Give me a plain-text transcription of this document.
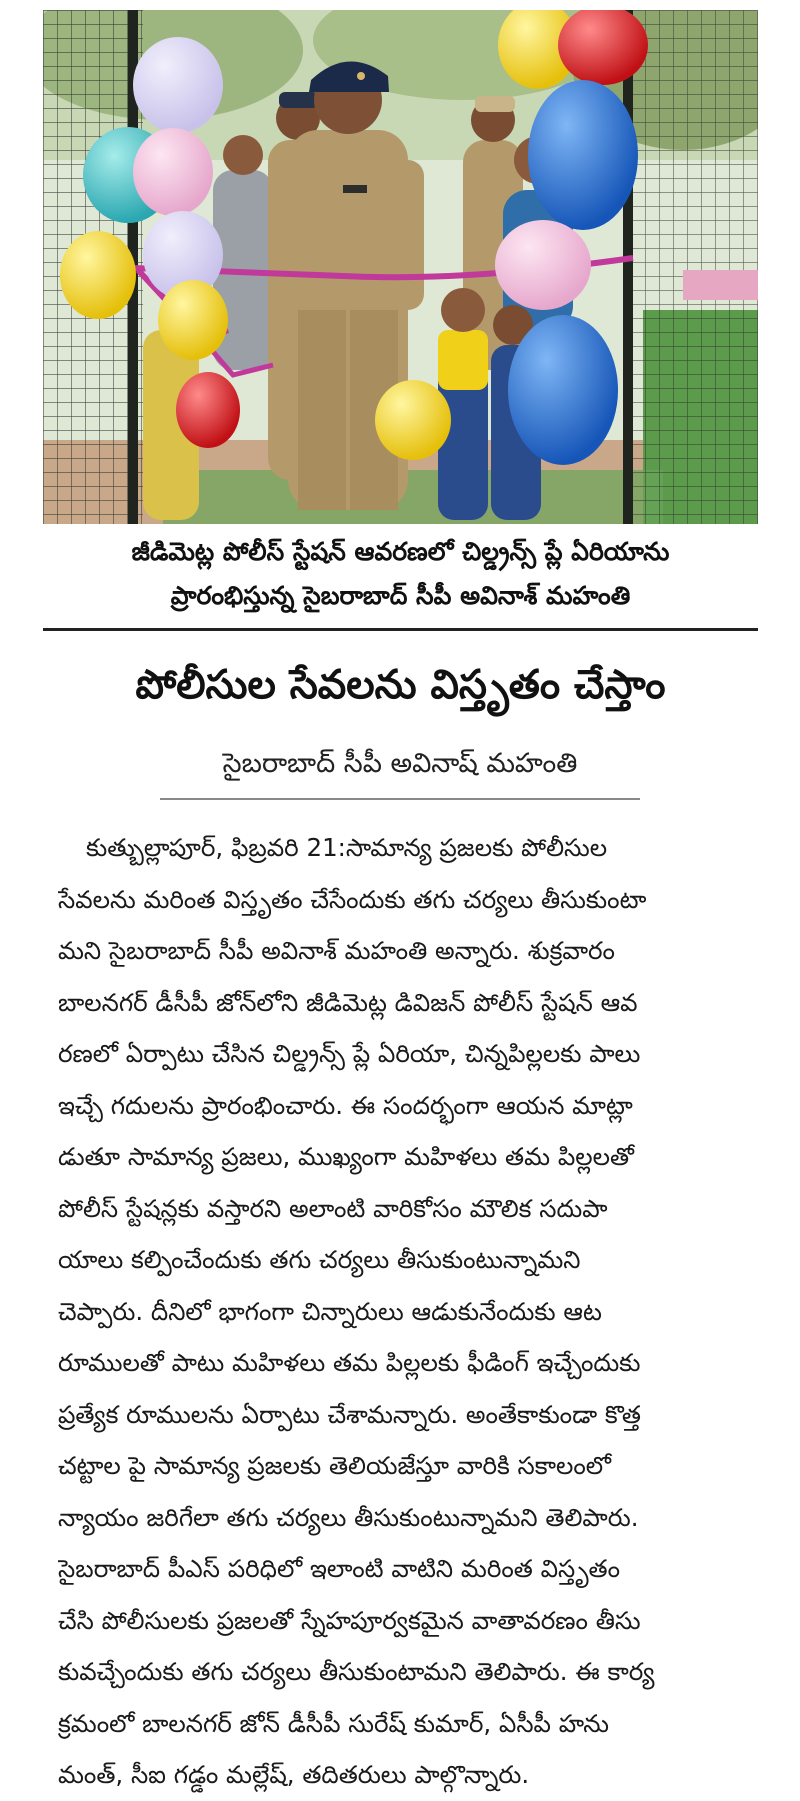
జీడిమెట్ల పోలీస్ స్టేషన్ ఆవరణలో చిల్డ్రన్స్ ప్లే ఏరియాను
ప్రారంభిస్తున్న సైబరాబాద్ సీపీ అవినాశ్ మహంతి
పోలీసుల సేవలను విస్తృతం చేస్తాం
సైబరాబాద్ సీపీ అవినాష్ మహంతి
కుత్బుల్లాపూర్, ఫిబ్రవరి 21:సామాన్య ప్రజలకు పోలీసుల
సేవలను మరింత విస్తృతం చేసేందుకు తగు చర్యలు తీసుకుంటా
మని సైబరాబాద్ సీపీ అవినాశ్ మహంతి అన్నారు. శుక్రవారం
బాలనగర్ డీసీపీ జోన్‌లోని జీడిమెట్ల డివిజన్ పోలీస్ స్టేషన్ ఆవ
రణలో ఏర్పాటు చేసిన చిల్డ్రన్స్ ప్లే ఏరియా, చిన్నపిల్లలకు పాలు
ఇచ్చే గదులను ప్రారంభించారు. ఈ సందర్భంగా ఆయన మాట్లా
డుతూ సామాన్య ప్రజలు, ముఖ్యంగా మహిళలు తమ పిల్లలతో
పోలీస్ స్టేషన్లకు వస్తారని అలాంటి వారికోసం మౌలిక సదుపా
యాలు కల్పించేందుకు తగు చర్యలు తీసుకుంటున్నామని
చెప్పారు. దీనిలో భాగంగా చిన్నారులు ఆడుకునేందుకు ఆట
రూములతో పాటు మహిళలు తమ పిల్లలకు ఫీడింగ్ ఇచ్చేందుకు
ప్రత్యేక రూములను ఏర్పాటు చేశామన్నారు. అంతేకాకుండా కొత్త
చట్టాల పై సామాన్య ప్రజలకు తెలియజేస్తూ వారికి సకాలంలో
న్యాయం జరిగేలా తగు చర్యలు తీసుకుంటున్నామని తెలిపారు.
సైబరాబాద్ పీఎస్ పరిధిలో ఇలాంటి వాటిని మరింత విస్తృతం
చేసి పోలీసులకు ప్రజలతో స్నేహపూర్వకమైన వాతావరణం తీసు
కువచ్చేందుకు తగు చర్యలు తీసుకుంటామని తెలిపారు. ఈ కార్య
క్రమంలో బాలనగర్ జోన్ డీసీపీ సురేష్ కుమార్, ఏసీపీ హను
మంత్, సీఐ గడ్డం మల్లేష్, తదితరులు పాల్గొన్నారు.
